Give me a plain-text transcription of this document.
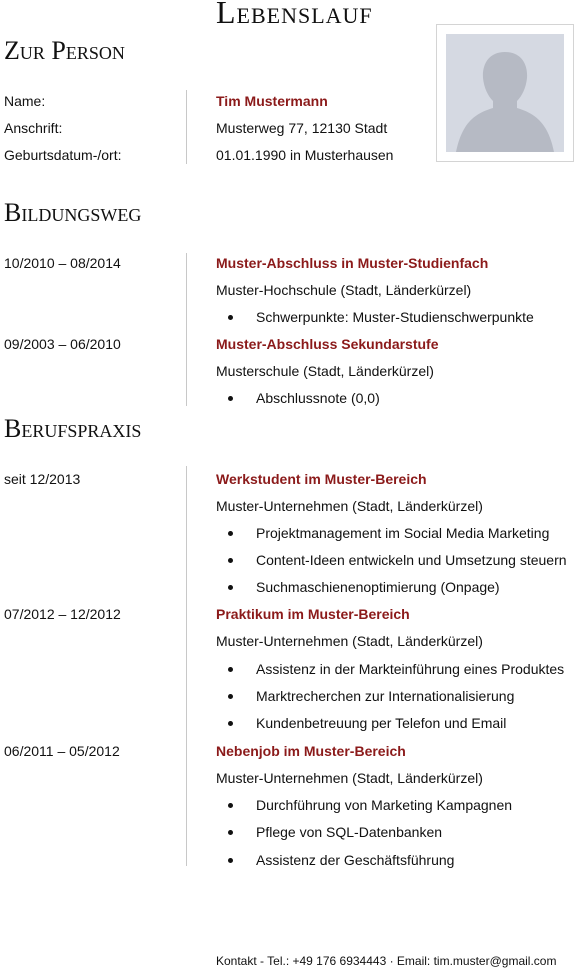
Lebenslauf
Zur Person
Name:	Tim Mustermann
Anschrift:	Musterweg 77, 12130 Stadt
Geburtsdatum-/ort:	01.01.1990 in Musterhausen
Bildungsweg
10/2010 – 08/2014	Muster-Abschluss in Muster-Studienfach
Muster-Hochschule (Stadt, Länderkürzel)
Schwerpunkte: Muster-Studienschwerpunkte
09/2003 – 06/2010	Muster-Abschluss Sekundarstufe
Musterschule (Stadt, Länderkürzel)
Abschlussnote (0,0)
Berufspraxis
seit 12/2013	Werkstudent im Muster-Bereich
Muster-Unternehmen (Stadt, Länderkürzel)
Projektmanagement im Social Media Marketing
Content-Ideen entwickeln und Umsetzung steuern
Suchmaschienenoptimierung (Onpage)
07/2012 – 12/2012	Praktikum im Muster-Bereich
Muster-Unternehmen (Stadt, Länderkürzel)
Assistenz in der Markteinführung eines Produktes
Marktrecherchen zur Internationalisierung
Kundenbetreuung per Telefon und Email
06/2011 – 05/2012	Nebenjob im Muster-Bereich
Muster-Unternehmen (Stadt, Länderkürzel)
Durchführung von Marketing Kampagnen
Pflege von SQL-Datenbanken
Assistenz der Geschäftsführung
Kontakt - Tel.: +49 176 6934443 · Email: tim.muster@gmail.com
